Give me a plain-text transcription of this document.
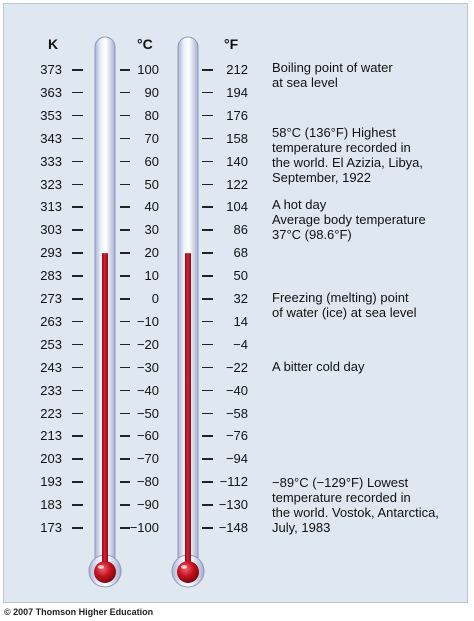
K	°C	°F
373	100	212
363	90	194
353	80	176
343	70	158
333	60	140
323	50	122
313	40	104
303	30	86
293	20	68
283	10	50
273	0	32
263	−10	14
253	−20	−4
243	−30	−22
233	−40	−40
223	−50	−58
213	−60	−76
203	−70	−94
193	−80	−112
183	−90	−130
173	−100	−148
Boiling point of water
at sea level
58°C (136°F) Highest
temperature recorded in
the world. El Azizia, Libya,
September, 1922
A hot day
Average body temperature
37°C (98.6°F)
Freezing (melting) point
of water (ice) at sea level
A bitter cold day
−89°C (−129°F) Lowest
temperature recorded in
the world. Vostok, Antarctica,
July, 1983
© 2007 Thomson Higher Education
